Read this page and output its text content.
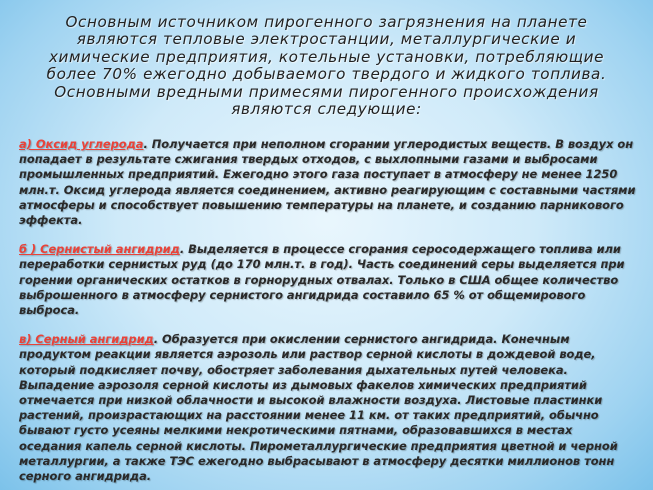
Основным источником пирогенного загрязнения на планете
являются тепловые электростанции, металлургические и
химические предприятия, котельные установки, потребляющие
более 70% ежегодно добываемого твердого и жидкого топлива.
Основными вредными примесями пирогенного происхождения
являются следующие:

а) Оксид углерода. Получается при неполном сгорании углеродистых веществ. В воздух он попадает в результате сжигания твердых отходов, с выхлопными газами и выбросами промышленных предприятий. Ежегодно этого газа поступает в атмосферу не менее 1250 млн.т. Оксид углерода является соединением, активно реагирующим с составными частями атмосферы и способствует повышению температуры на планете, и созданию парникового эффекта.

б ) Сернистый ангидрид. Выделяется в процессе сгорания серосодержащего топлива или переработки сернистых руд (до 170 млн.т. в год). Часть соединений серы выделяется при горении органических остатков в горнорудных отвалах. Только в США общее количество выброшенного в атмосферу сернистого ангидрида составило 65 % от общемирового выброса.

в) Серный ангидрид. Образуется при окислении сернистого ангидрида. Конечным продуктом реакции является аэрозоль или раствор серной кислоты в дождевой воде, который подкисляет почву, обостряет заболевания дыхательных путей человека. Выпадение аэрозоля серной кислоты из дымовых факелов химических предприятий отмечается при низкой облачности и высокой влажности воздуха. Листовые пластинки растений, произрастающих на расстоянии менее 11 км. от таких предприятий, обычно бывают густо усеяны мелкими некротическими пятнами, образовавшихся в местах оседания капель серной кислоты. Пирометаллургические предприятия цветной и черной металлургии, а также ТЭС ежегодно выбрасывают в атмосферу десятки миллионов тонн серного ангидрида.
